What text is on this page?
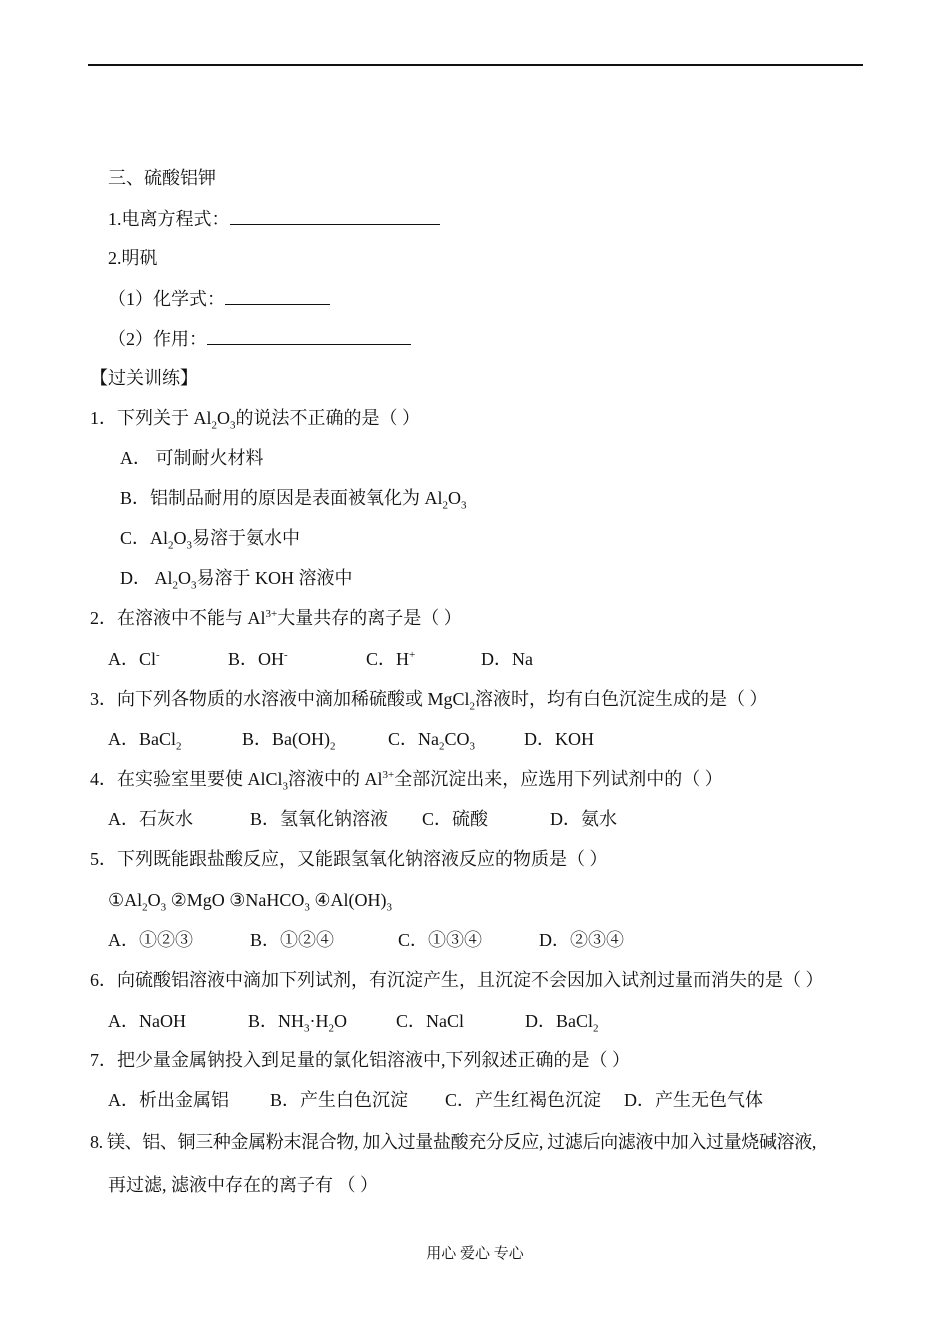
三、硫酸铝钾
1.电离方程式：
2.明矾
（1）化学式：
（2）作用：
【过关训练】
1．下列关于 $Al_2O_3$的说法不正确的是（ ）
A． 可制耐火材料
B．铝制品耐用的原因是表面被氧化为 $Al_2O_3$
C．$Al_2O_3$易溶于氨水中
D． $Al_2O_3$易溶于 KOH 溶液中
2．在溶液中不能与 $Al^{3+}$大量共存的离子是（ ）
A．Cl-	B．OH-	C．H+	D．Na
3．向下列各物质的水溶液中滴加稀硫酸或 MgCl$_2$溶液时，均有白色沉淀生成的是（ ）
A．BaCl$_2$	B．$Ba(OH)_2$	C．$Na_2CO_3$	D．KOH
4．在实验室里要使 AlCl$_3$溶液中的 $Al^{3+}$全部沉淀出来，应选用下列试剂中的（ ）
A．石灰水	B．氢氧化钠溶液 C．硫酸	D．氨水
5．下列既能跟盐酸反应，又能跟氢氧化钠溶液反应的物质是（ ）
$①Al_2O_3$ ②MgO ③NaHCO$_3$ $④Al(OH)_3$
A．①②③	B．①②④	C．①③④	D．②③④
6．向硫酸铝溶液中滴加下列试剂，有沉淀产生，且沉淀不会因加入试剂过量而消失的是（ ）
A．NaOH	B．$NH_3\cdot H_2O$	C．NaCl	D．BaCl$_2$
7．把少量金属钠投入到足量的氯化铝溶液中,下列叙述正确的是（ ）
A．析出金属铝 B．产生白色沉淀 C．产生红褐色沉淀 D．产生无色气体
8. 镁、铝、铜三种金属粉末混合物, 加入过量盐酸充分反应, 过滤后向滤液中加入过量烧碱溶液,
再过滤, 滤液中存在的离子有 （ ）
用心 爱心 专心
